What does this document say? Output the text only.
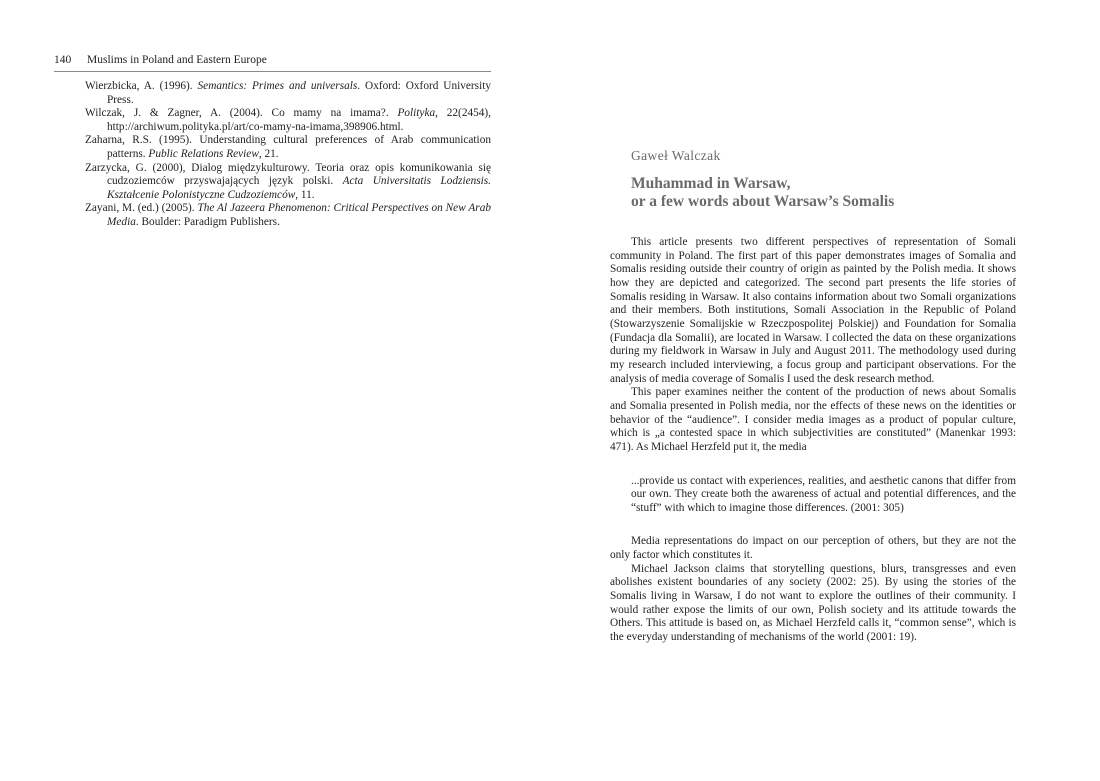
140 Muslims in Poland and Eastern Europe
Wierzbicka, A. (1996). Semantics: Primes and universals. Oxford: Oxford University Press.
Wilczak, J. & Zagner, A. (2004). Co mamy na imama?. Polityka, 22(2454), http://archiwum.polityka.pl/art/co-mamy-na-imama,398906.html.
Zaharna, R.S. (1995). Understanding cultural preferences of Arab communication patterns. Public Relations Review, 21.
Zarzycka, G. (2000), Dialog międzykulturowy. Teoria oraz opis komunikowania się cudzoziemców przyswajających język polski. Acta Universitatis Lodziensis. Kształcenie Polonistyczne Cudzoziemców, 11.
Zayani, M. (ed.) (2005). The Al Jazeera Phenomenon: Critical Perspectives on New Arab Media. Boulder: Paradigm Publishers.
Gaweł Walczak
Muhammad in Warsaw,
or a few words about Warsaw’s Somalis

This article presents two different perspectives of representation of Somali community in Poland. The first part of this paper demonstrates images of Somalia and Somalis residing outside their country of origin as painted by the Polish media. It shows how they are depicted and categorized. The second part presents the life stories of Somalis residing in Warsaw. It also contains information about two Somali organizations and their members. Both institutions, Somali Association in the Republic of Poland (Stowarzyszenie Somalijskie w Rzeczpospolitej Polskiej) and Foundation for Somalia (Fundacja dla Somalii), are located in Warsaw. I collected the data on these organizations during my fieldwork in Warsaw in July and August 2011. The methodology used during my research included interviewing, a focus group and participant observations. For the analysis of media coverage of Somalis I used the desk research method.

This paper examines neither the content of the production of news about Somalis and Somalia presented in Polish media, nor the effects of these news on the identities or behavior of the “audience”. I consider media images as a product of popular culture, which is „a contested space in which subjectivities are constituted” (Manenkar 1993: 471). As Michael Herzfeld put it, the media

...provide us contact with experiences, realities, and aesthetic canons that differ from our own. They create both the awareness of actual and potential differences, and the “stuff” with which to imagine those differences. (2001: 305)

Media representations do impact on our perception of others, but they are not the only factor which constitutes it.

Michael Jackson claims that storytelling questions, blurs, transgresses and even abolishes existent boundaries of any society (2002: 25). By using the stories of the Somalis living in Warsaw, I do not want to explore the outlines of their community. I would rather expose the limits of our own, Polish society and its attitude towards the Others. This attitude is based on, as Michael Herzfeld calls it, “common sense”, which is the everyday understanding of mechanisms of the world (2001: 19).
